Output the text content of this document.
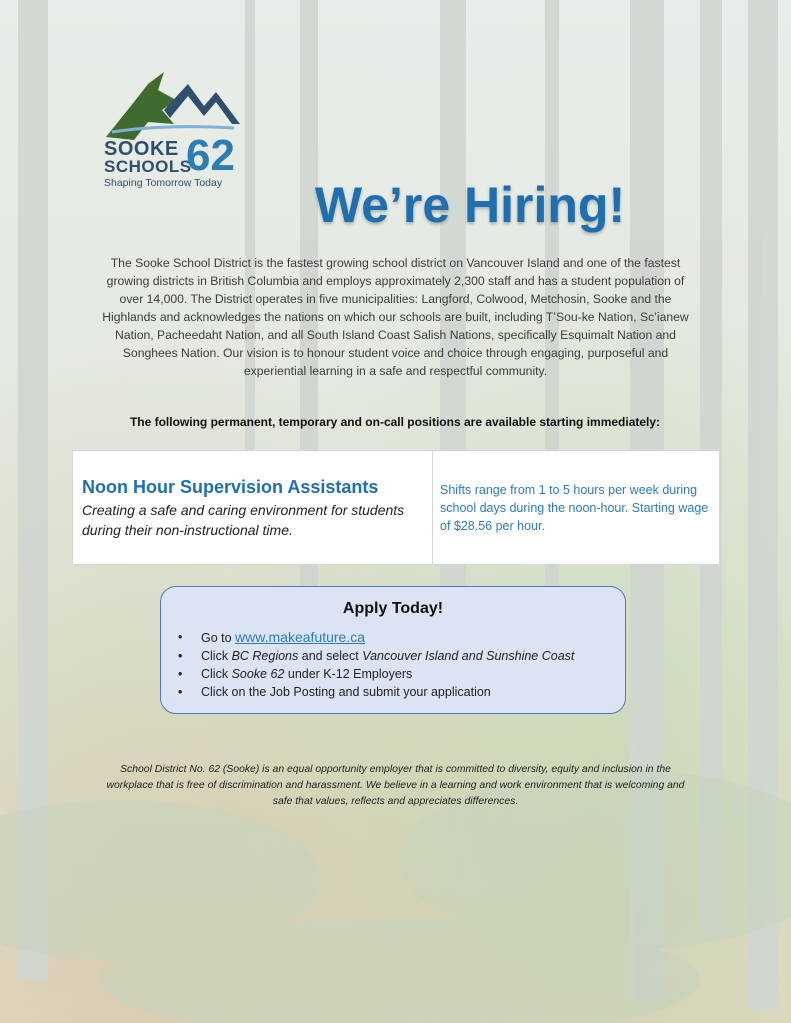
SOOKE
SCHOOLS
62
Shaping Tomorrow Today	We’re Hiring!
The Sooke School District is the fastest growing school district on Vancouver Island and one of the fastest growing districts in British Columbia and employs approximately 2,300 staff and has a student population of over 14,000. The District operates in five municipalities: Langford, Colwood, Metchosin, Sooke and the Highlands and acknowledges the nations on which our schools are built, including T’Sou-ke Nation, Sc’ianew Nation, Pacheedaht Nation, and all South Island Coast Salish Nations, specifically Esquimalt Nation and Songhees Nation. Our vision is to honour student voice and choice through engaging, purposeful and experiential learning in a safe and respectful community.
The following permanent, temporary and on-call positions are available starting immediately:
Noon Hour Supervision Assistants
Creating a safe and caring environment for students during their non-instructional time.
Shifts range from 1 to 5 hours per week during school days during the noon-hour. Starting wage of $28.56 per hour.
Apply Today!
• Go to www.makeafuture.ca
• Click BC Regions and select Vancouver Island and Sunshine Coast
• Click Sooke 62 under K-12 Employers
• Click on the Job Posting and submit your application
School District No. 62 (Sooke) is an equal opportunity employer that is committed to diversity, equity and inclusion in the workplace that is free of discrimination and harassment. We believe in a learning and work environment that is welcoming and safe that values, reflects and appreciates differences.
